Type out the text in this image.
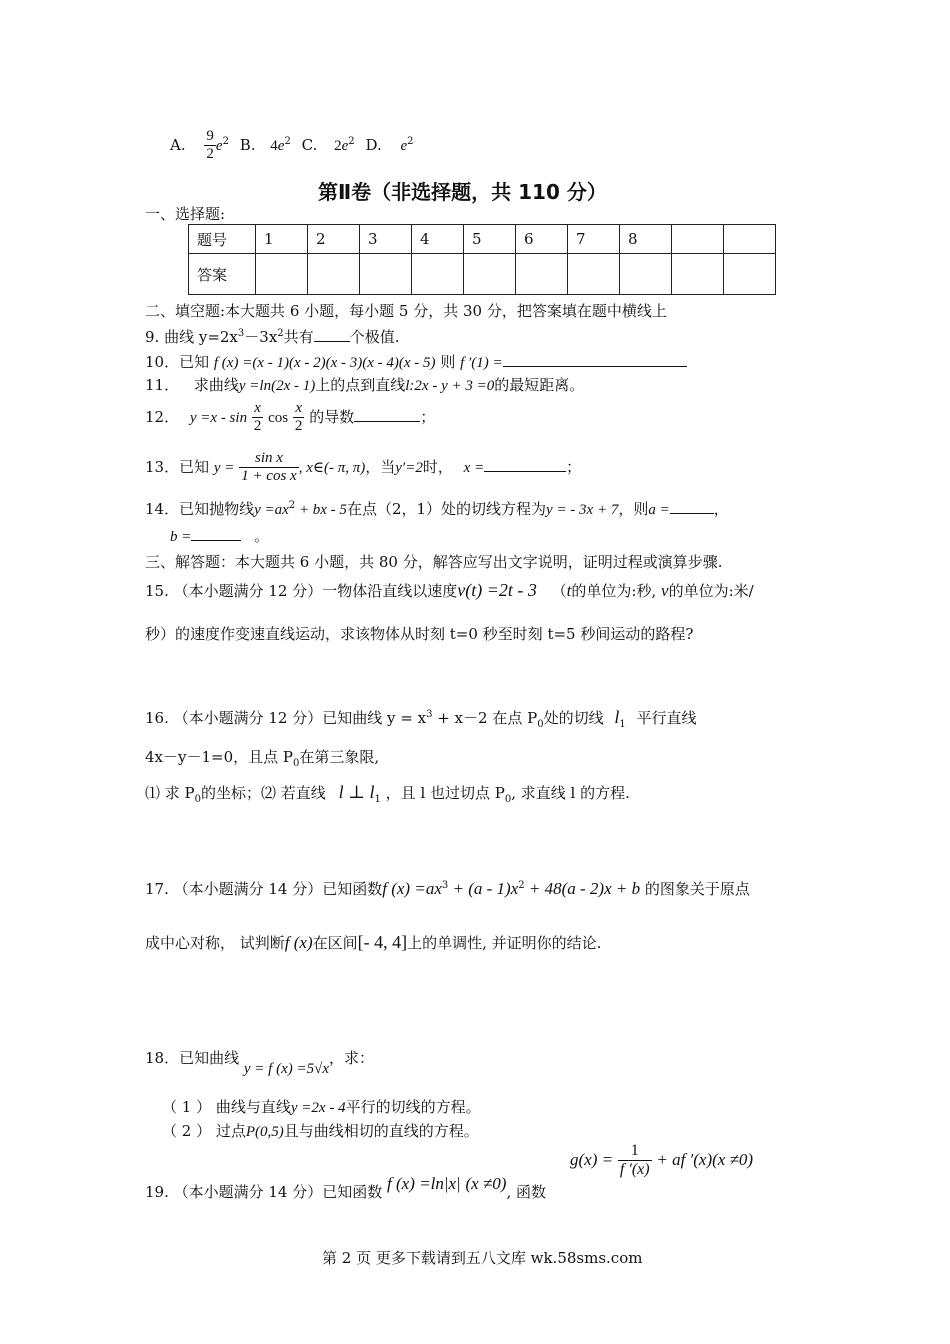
A. $\frac{9}{2} e^2$ B. $4e^2$ C. $2e^2$ D. $e^2$
第Ⅱ卷（非选择题，共 110 分）
一、选择题:
题号	1	2	3	4	5	6	7	8		
答案										
二、填空题:本大题共 6 小题，每小题 5 分，共 30 分，把答案填在题中横线上
9. 曲线 $y=2x^3-3x^2$共有 个极值.
10．已知 f (x) =(x - 1)(x - 2)(x - 3)(x - 4)(x - 5) 则 f ′(1) =
11． 求曲线y =ln(2x - 1)上的点到直线l:2x - y + 3 =0的最短距离。
12． $y =x - \sin \frac{x}{2}$ $\cos \frac{x}{2}$ 的导数	；
13．已知 $y = \frac{\text{sin x}}{\text{1 + cos x}}$ , x∈(- π, π)，当y′=2时， x =	；
14．已知抛物线$y =ax^2$ + bx - 5在点（2，1）处的切线方程为y = - 3x + 7，则a =	，
b =	。
三、解答题：本大题共 6 小题，共 80 分，解答应写出文字说明，证明过程或演算步骤.
15. （本小题满分 12 分）一物体沿直线以速度v(t) =2t - 3 （t的单位为:秒, v的单位为:米/
秒）的速度作变速直线运动，求该物体从时刻 t=0 秒至时刻 t=5 秒间运动的路程?
16. （本小题满分 12 分）已知曲线 $y = x^3 + x-2$ 在点 $P_0$处的切线 $l_1$ 平行直线
4x－y－1=0，且点 $P_0$在第三象限,
⑴ 求 $P_0$的坐标；⑵ 若直线 l ⊥ $l_1$ ，且 l 也过切点 $P_0$, 求直线 l 的方程.
17. （本小题满分 14 分）已知函数f $(x) =ax^3 + (a - 1)x^2 + 48(a - 2)x + b$ 的图象关于原点
成中心对称， 试判断f (x)在区间[- 4, 4]上的单调性, 并证明你的结论.
18．已知曲线 y = f (x) =5√x，求：
（ 1 ） 曲线与直线y =2x - 4平行的切线的方程。
（ 2 ） 过点P(0,5)且与曲线相切的直线的方程。
19. （本小题满分 14 分）已知函数 f (x) =ln|x| (x ≠0), 函数
$g(x) = \frac{1}{f '(x)}$ + af ′(x)(x ≠0)
第 2 页 更多下载请到五八文库 wk.58sms.com
